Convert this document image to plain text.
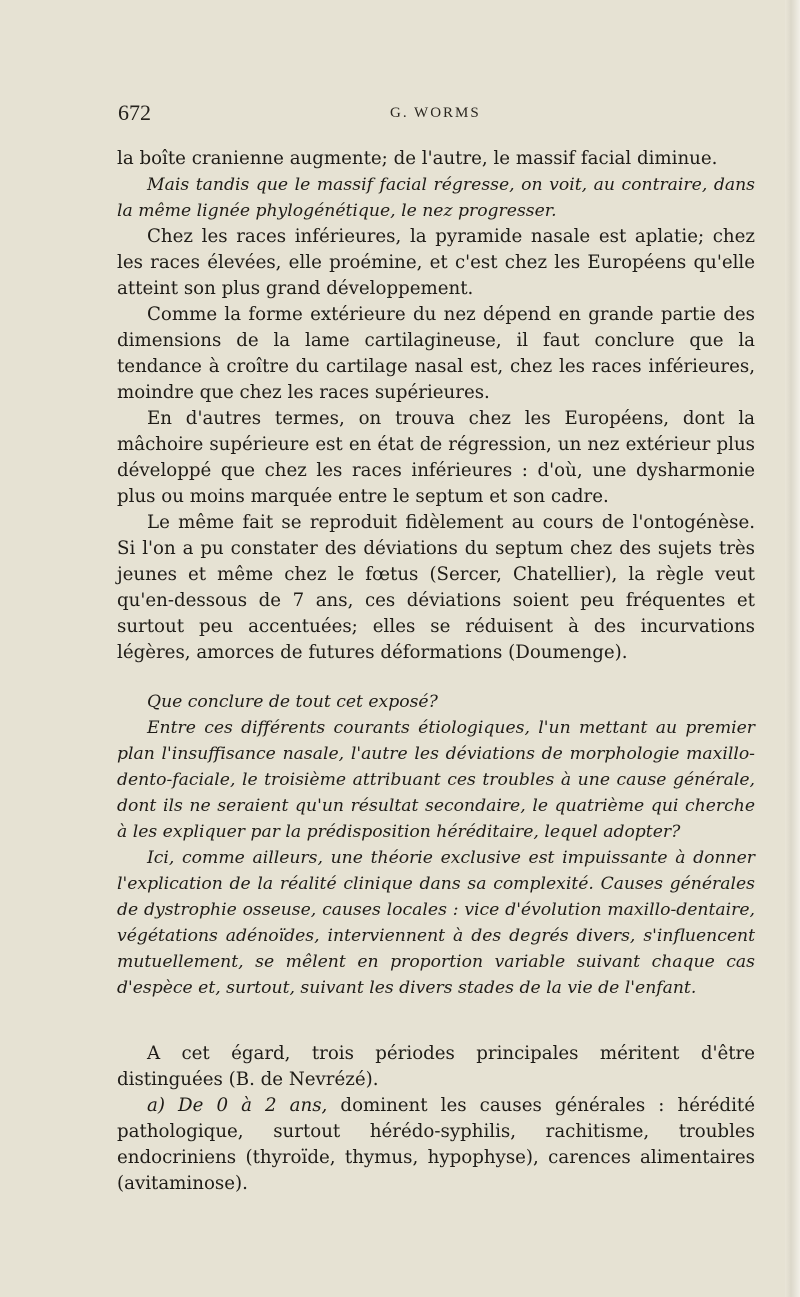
672	G. WORMS

la boîte cranienne augmente; de l'autre, le massif facial diminue.

Mais tandis que le massif facial régresse, on voit, au contraire, dans la même lignée phylogénétique, le nez progresser.

Chez les races inférieures, la pyramide nasale est aplatie; chez les races élevées, elle proémine, et c'est chez les Européens qu'elle atteint son plus grand développement.

Comme la forme extérieure du nez dépend en grande partie des dimensions de la lame cartilagineuse, il faut conclure que la tendance à croître du cartilage nasal est, chez les races inférieures, moindre que chez les races supérieures.

En d'autres termes, on trouva chez les Européens, dont la mâchoire supérieure est en état de régression, un nez extérieur plus développé que chez les races inférieures : d'où, une dysharmonie plus ou moins marquée entre le septum et son cadre.

Le même fait se reproduit fidèlement au cours de l'ontogénèse. Si l'on a pu constater des déviations du septum chez des sujets très jeunes et même chez le fœtus (Sercer, Chatellier), la règle veut qu'en-dessous de 7 ans, ces déviations soient peu fréquentes et surtout peu accentuées; elles se réduisent à des incurvations légères, amorces de futures déformations (Doumenge).

Que conclure de tout cet exposé?

Entre ces différents courants étiologiques, l'un mettant au premier plan l'insuffisance nasale, l'autre les déviations de morphologie maxillo-dento-faciale, le troisième attribuant ces troubles à une cause générale, dont ils ne seraient qu'un résultat secondaire, le quatrième qui cherche à les expliquer par la prédisposition héréditaire, lequel adopter?

Ici, comme ailleurs, une théorie exclusive est impuissante à donner l'explication de la réalité clinique dans sa complexité. Causes générales de dystrophie osseuse, causes locales : vice d'évolution maxillo-dentaire, végétations adénoïdes, interviennent à des degrés divers, s'influencent mutuellement, se mêlent en proportion variable suivant chaque cas d'espèce et, surtout, suivant les divers stades de la vie de l'enfant.

A cet égard, trois périodes principales méritent d'être distinguées (B. de Nevrézé).

a) De 0 à 2 ans, dominent les causes générales : hérédité pathologique, surtout hérédo-syphilis, rachitisme, troubles endocriniens (thyroïde, thymus, hypophyse), carences alimentaires (avitaminose).
